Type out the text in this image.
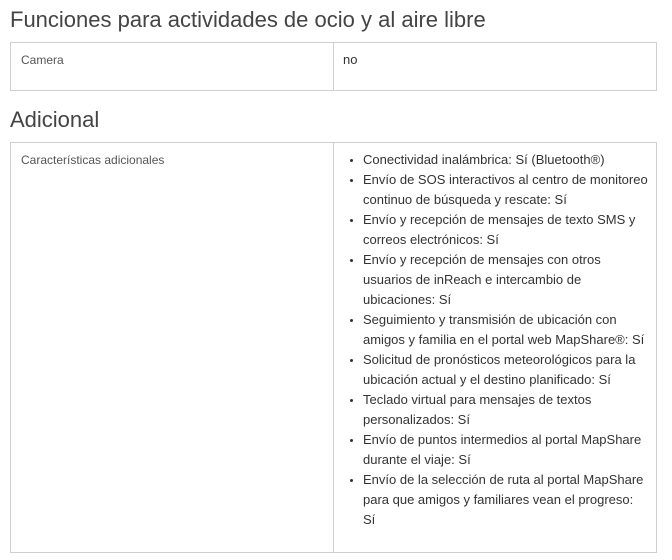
Funciones para actividades de ocio y al aire libre
Camera	no
Adicional
Características adicionales	
•Conectividad inalámbrica: Sí (Bluetooth®)
• Envío de SOS interactivos al centro de monitoreo continuo de búsqueda y rescate: Sí
• Envío y recepción de mensajes de texto SMS y correos electrónicos: Sí
• Envío y recepción de mensajes con otros usuarios de inReach e intercambio de ubicaciones: Sí
• Seguimiento y transmisión de ubicación con amigos y familia en el portal web MapShare®: Sí
• Solicitud de pronósticos meteorológicos para la ubicación actual y el destino planificado: Sí
• Teclado virtual para mensajes de textos personalizados: Sí
• Envío de puntos intermedios al portal MapShare durante el viaje: Sí
• Envío de la selección de ruta al portal MapShare para que amigos y familiares vean el progreso: Sí
